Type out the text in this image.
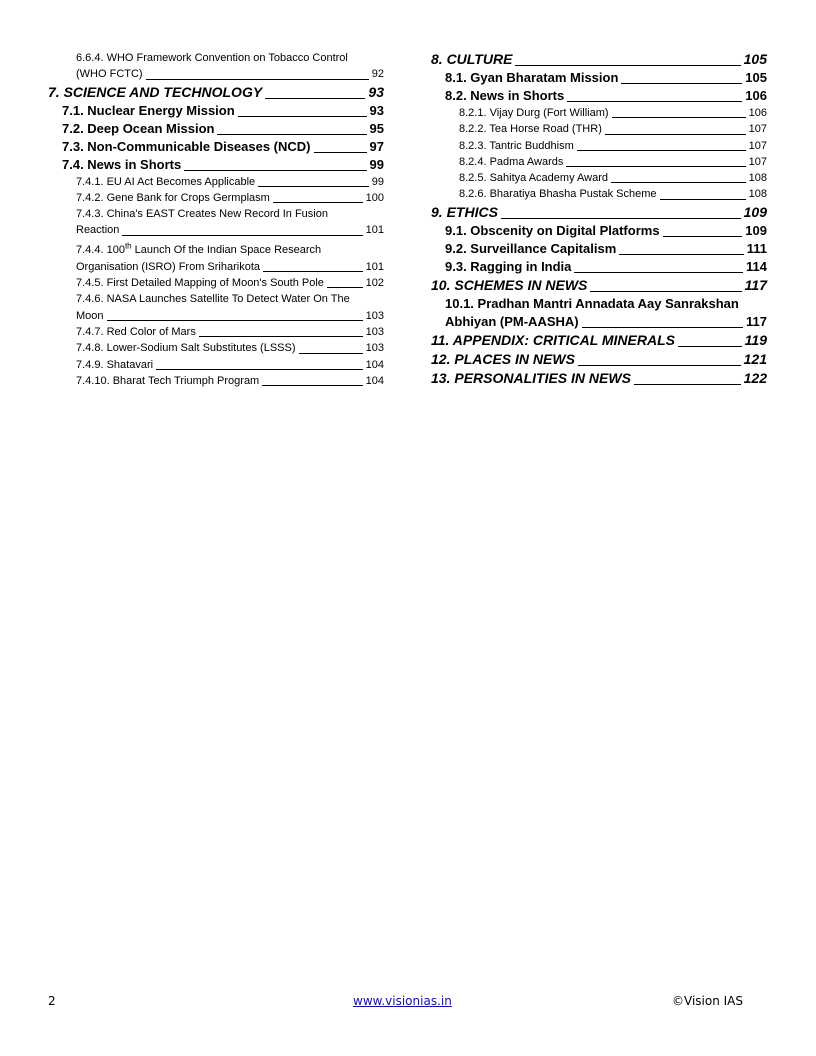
6.6.4. WHO Framework Convention on Tobacco Control
(WHO FCTC)	92
7. SCIENCE AND TECHNOLOGY	93
7.1. Nuclear Energy Mission	93
7.2. Deep Ocean Mission	95
7.3. Non-Communicable Diseases (NCD)	97
7.4. News in Shorts	99
7.4.1. EU AI Act Becomes Applicable	99
7.4.2. Gene Bank for Crops Germplasm	100
7.4.3. China's EAST Creates New Record In Fusion
Reaction	101
7.4.4. 100th Launch Of the Indian Space Research
Organisation (ISRO) From Sriharikota	101
7.4.5. First Detailed Mapping of Moon's South Pole	102
7.4.6. NASA Launches Satellite To Detect Water On The
Moon	103
7.4.7. Red Color of Mars	103
7.4.8. Lower-Sodium Salt Substitutes (LSSS)	103
7.4.9. Shatavari	104
7.4.10. Bharat Tech Triumph Program	104
8. CULTURE	105
8.1. Gyan Bharatam Mission	105
8.2. News in Shorts	106
8.2.1. Vijay Durg (Fort William)	106
8.2.2. Tea Horse Road (THR)	107
8.2.3. Tantric Buddhism	107
8.2.4. Padma Awards	107
8.2.5. Sahitya Academy Award	108
8.2.6. Bharatiya Bhasha Pustak Scheme	108
9. ETHICS	109
9.1. Obscenity on Digital Platforms	109
9.2. Surveillance Capitalism	111
9.3. Ragging in India	114
10. SCHEMES IN NEWS	117
10.1. Pradhan Mantri Annadata Aay Sanrakshan
Abhiyan (PM-AASHA)	117
11. APPENDIX: CRITICAL MINERALS	119
12. PLACES IN NEWS	121
13. PERSONALITIES IN NEWS	122
2	www.visionias.in	©Vision IAS
